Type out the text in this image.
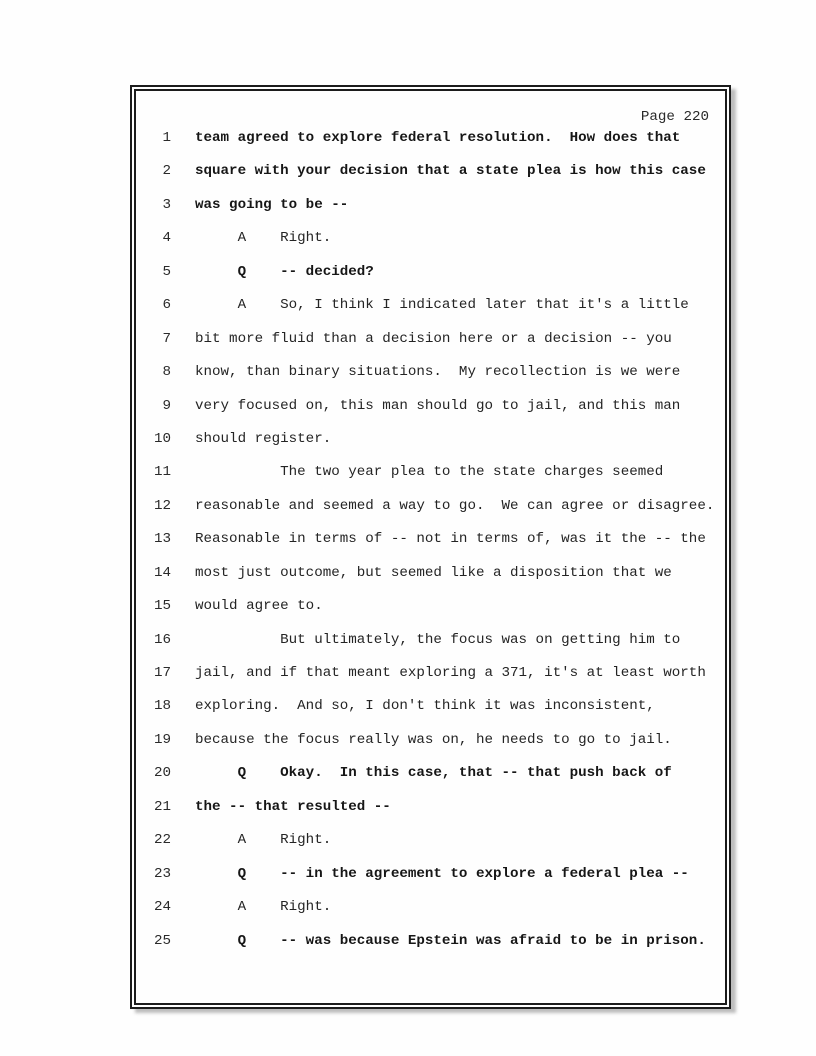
Page 220
1	team agreed to explore federal resolution.  How does that
2	square with your decision that a state plea is how this case
3	was going to be --
4	A    Right.
5	Q    -- decided?
6	A    So, I think I indicated later that it's a little
7	bit more fluid than a decision here or a decision -- you
8	know, than binary situations.  My recollection is we were
9	very focused on, this man should go to jail, and this man
10	should register.
11	The two year plea to the state charges seemed
12	reasonable and seemed a way to go.  We can agree or disagree.
13	Reasonable in terms of -- not in terms of, was it the -- the
14	most just outcome, but seemed like a disposition that we
15	would agree to.
16	But ultimately, the focus was on getting him to
17	jail, and if that meant exploring a 371, it's at least worth
18	exploring.  And so, I don't think it was inconsistent,
19	because the focus really was on, he needs to go to jail.
20	Q    Okay.  In this case, that -- that push back of
21	the -- that resulted --
22	A    Right.
23	Q    -- in the agreement to explore a federal plea --
24	A    Right.
25	Q    -- was because Epstein was afraid to be in prison.
